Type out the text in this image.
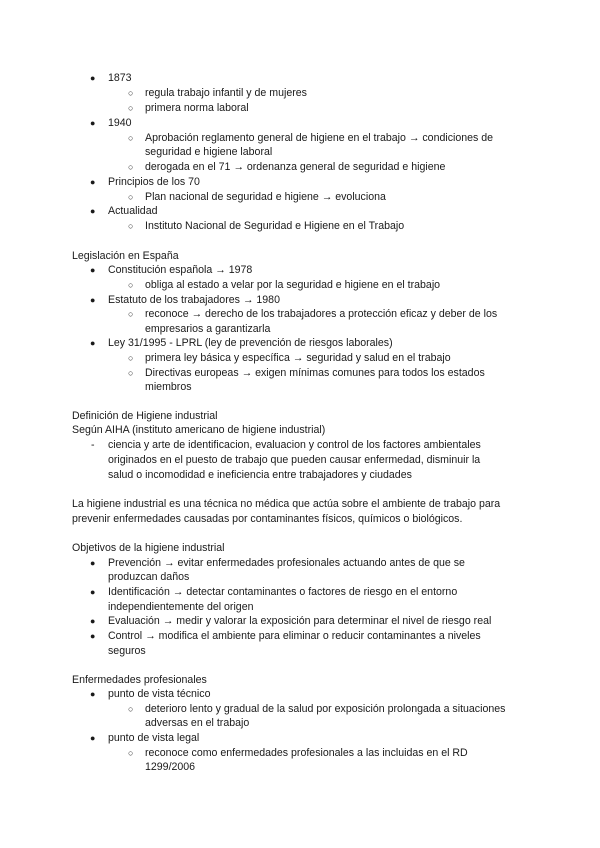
● 1873
○ regula trabajo infantil y de mujeres
○ primera norma laboral
● 1940
○ Aprobación reglamento general de higiene en el trabajo → condiciones de
seguridad e higiene laboral
○ derogada en el 71 → ordenanza general de seguridad e higiene
● Principios de los 70
○ Plan nacional de seguridad e higiene → evoluciona
● Actualidad
○ Instituto Nacional de Seguridad e Higiene en el Trabajo
Legislación en España
● Constitución española → 1978
○ obliga al estado a velar por la seguridad e higiene en el trabajo
● Estatuto de los trabajadores → 1980
○ reconoce → derecho de los trabajadores a protección eficaz y deber de los
empresarios a garantizarla
● Ley 31/1995 - LPRL (ley de prevención de riesgos laborales)
○ primera ley básica y específica → seguridad y salud en el trabajo
○ Directivas europeas → exigen mínimas comunes para todos los estados
miembros
Definición de Higiene industrial
Según AIHA (instituto americano de higiene industrial)
- ciencia y arte de identificacion, evaluacion y control de los factores ambientales
originados en el puesto de trabajo que pueden causar enfermedad, disminuir la
salud o incomodidad e ineficiencia entre trabajadores y ciudades
La higiene industrial es una técnica no médica que actúa sobre el ambiente de trabajo para
prevenir enfermedades causadas por contaminantes físicos, químicos o biológicos.
Objetivos de la higiene industrial
● Prevención → evitar enfermedades profesionales actuando antes de que se
produzcan daños
● Identificación → detectar contaminantes o factores de riesgo en el entorno
independientemente del origen
● Evaluación → medir y valorar la exposición para determinar el nivel de riesgo real
● Control → modifica el ambiente para eliminar o reducir contaminantes a niveles
seguros
Enfermedades profesionales
● punto de vista técnico
○ deterioro lento y gradual de la salud por exposición prolongada a situaciones
adversas en el trabajo
● punto de vista legal
○ reconoce como enfermedades profesionales a las incluidas en el RD
1299/2006
